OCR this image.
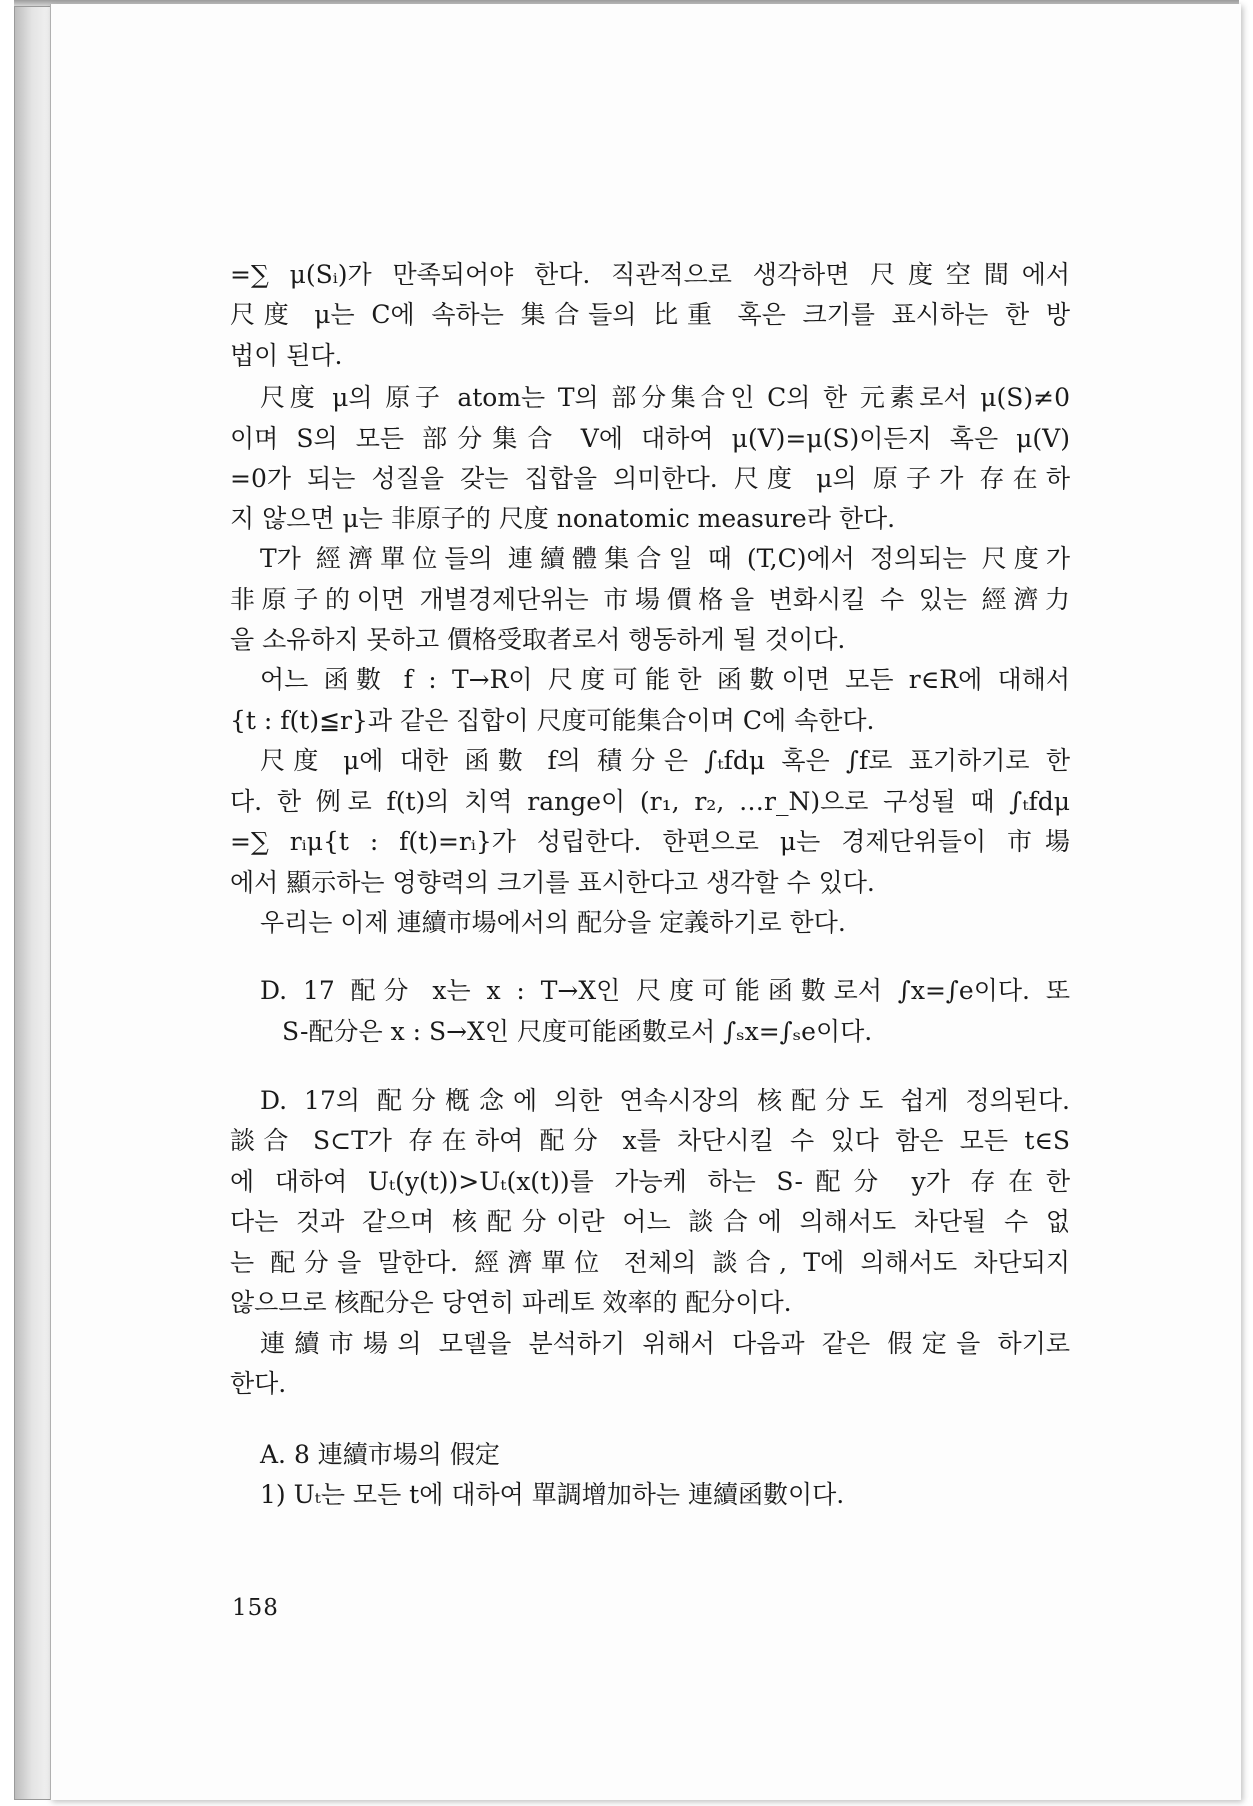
=∑ μ(Sᵢ)가 만족되어야 한다. 직관적으로 생각하면 尺度空間에서
尺度 μ는 C에 속하는 集合들의 比重 혹은 크기를 표시하는 한 방
법이 된다.
尺度 μ의 原子 atom는 T의 部分集合인 C의 한 元素로서 μ(S)≠0
이며 S의 모든 部分集合 V에 대하여 μ(V)=μ(S)이든지 혹은 μ(V)
=0가 되는 성질을 갖는 집합을 의미한다. 尺度 μ의 原子가 存在하
지 않으면 μ는 非原子的 尺度 nonatomic measure라 한다.
T가 經濟單位들의 連續體集合일 때 (T,C)에서 정의되는 尺度가
非原子的이면 개별경제단위는 市場價格을 변화시킬 수 있는 經濟力
을 소유하지 못하고 價格受取者로서 행동하게 될 것이다.
어느 函數 f : T→R이 尺度可能한 函數이면 모든 r∈R에 대해서
{t : f(t)≦r}과 같은 집합이 尺度可能集合이며 C에 속한다.
尺度 μ에 대한 函數 f의 積分은 ∫ₜfdμ 혹은 ∫f로 표기하기로 한
다. 한 例로 f(t)의 치역 range이 (r₁, r₂, …r_N)으로 구성될 때 ∫ₜfdμ
=∑ rᵢμ{t : f(t)=rᵢ}가 성립한다. 한편으로 μ는 경제단위들이 市場
에서 顯示하는 영향력의 크기를 표시한다고 생각할 수 있다.
우리는 이제 連續市場에서의 配分을 定義하기로 한다.
D. 17 配分 x는 x : T→X인 尺度可能函數로서 ∫x=∫e이다. 또
S-配分은 x : S→X인 尺度可能函數로서 ∫ₛx=∫ₛe이다.
D. 17의 配分槪念에 의한 연속시장의 核配分도 쉽게 정의된다.
談合 S⊂T가 存在하여 配分 x를 차단시킬 수 있다 함은 모든 t∈S
에 대하여 Uₜ(y(t))>Uₜ(x(t))를 가능케 하는 S-配分 y가 存在한
다는 것과 같으며 核配分이란 어느 談合에 의해서도 차단될 수 없
는 配分을 말한다. 經濟單位 전체의 談合, T에 의해서도 차단되지
않으므로 核配分은 당연히 파레토 效率的 配分이다.
連續市場의 모델을 분석하기 위해서 다음과 같은 假定을 하기로
한다.
A. 8 連續市場의 假定
1) Uₜ는 모든 t에 대하여 單調增加하는 連續函數이다.
158
